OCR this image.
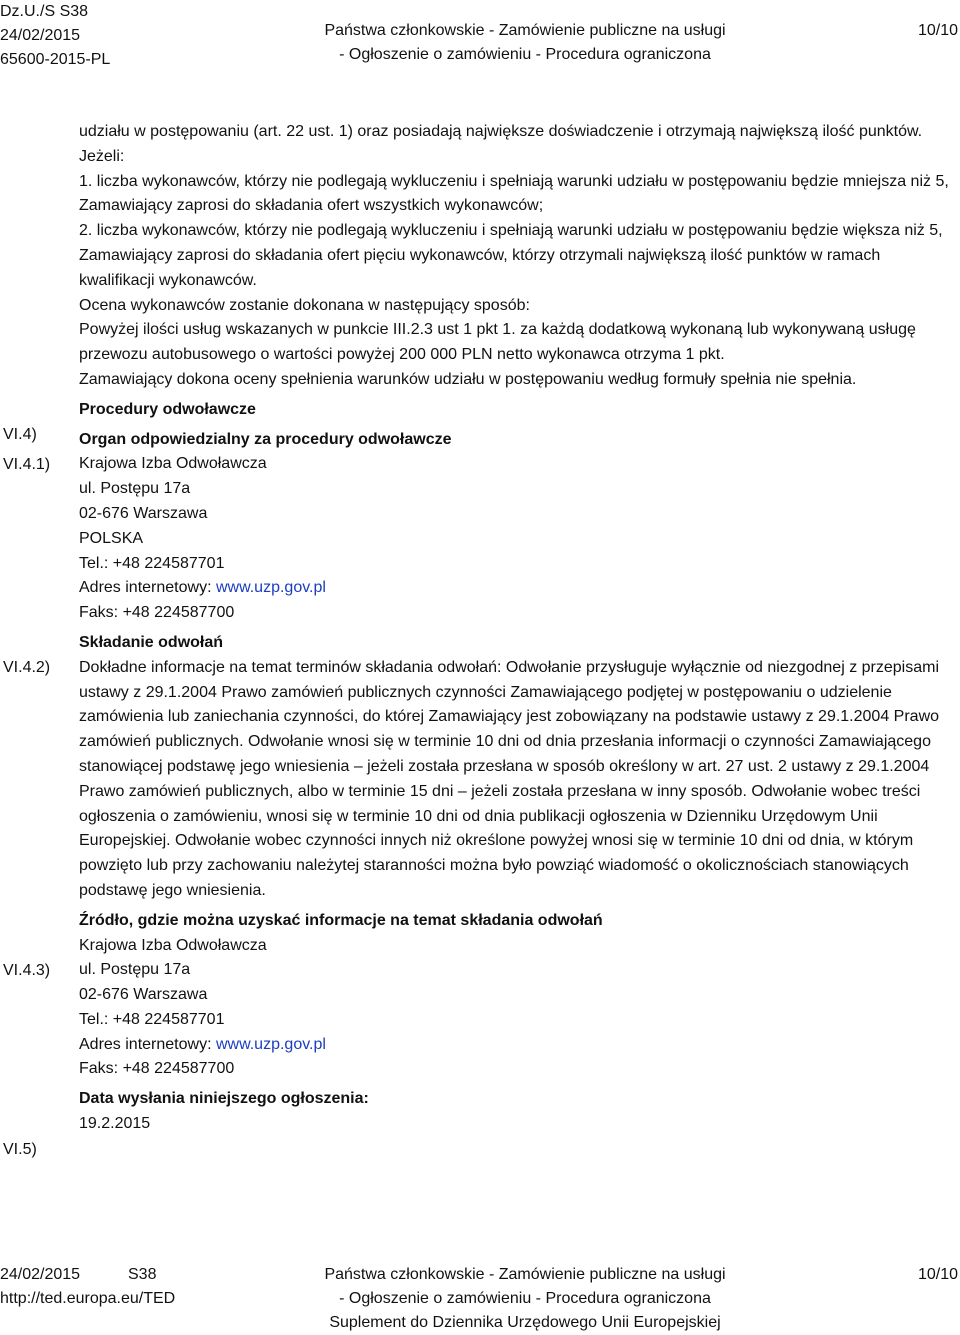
Dz.U./S S38
24/02/2015
65600-2015-PL
Państwa członkowskie - Zamówienie publiczne na usługi
- Ogłoszenie o zamówieniu - Procedura ograniczona
10/10
VI.4)
VI.4.1)
VI.4.2)
VI.4.3)
VI.5)

udziału w postępowaniu (art. 22 ust. 1) oraz posiadają największe doświadczenie i otrzymają największą ilość punktów. Jeżeli:

1. liczba wykonawców, którzy nie podlegają wykluczeniu i spełniają warunki udziału w postępowaniu będzie mniejsza niż 5, Zamawiający zaprosi do składania ofert wszystkich wykonawców;

2. liczba wykonawców, którzy nie podlegają wykluczeniu i spełniają warunki udziału w postępowaniu będzie większa niż 5, Zamawiający zaprosi do składania ofert pięciu wykonawców, którzy otrzymali największą ilość punktów w ramach kwalifikacji wykonawców.

Ocena wykonawców zostanie dokonana w następujący sposób:

Powyżej ilości usług wskazanych w punkcie III.2.3 ust 1 pkt 1. za każdą dodatkową wykonaną lub wykonywaną usługę przewozu autobusowego o wartości powyżej 200 000 PLN netto wykonawca otrzyma 1 pkt.

Zamawiający dokona oceny spełnienia warunków udziału w postępowaniu według formuły spełnia nie spełnia.

Procedury odwoławcze

Organ odpowiedzialny za procedury odwoławcze

Krajowa Izba Odwoławcza

ul. Postępu 17a

02-676 Warszawa

POLSKA

Tel.: +48 224587701

Adres internetowy: www.uzp.gov.pl

Faks: +48 224587700

Składanie odwołań

Dokładne informacje na temat terminów składania odwołań: Odwołanie przysługuje wyłącznie od niezgodnej z przepisami ustawy z 29.1.2004 Prawo zamówień publicznych czynności Zamawiającego podjętej w postępowaniu o udzielenie zamówienia lub zaniechania czynności, do której Zamawiający jest zobowiązany na podstawie ustawy z 29.1.2004 Prawo zamówień publicznych. Odwołanie wnosi się w terminie 10 dni od dnia przesłania informacji o czynności Zamawiającego stanowiącej podstawę jego wniesienia – jeżeli została przesłana w sposób określony w art. 27 ust. 2 ustawy z 29.1.2004 Prawo zamówień publicznych, albo w terminie 15 dni – jeżeli została przesłana w inny sposób. Odwołanie wobec treści ogłoszenia o zamówieniu, wnosi się w terminie 10 dni od dnia publikacji ogłoszenia w Dzienniku Urzędowym Unii Europejskiej. Odwołanie wobec czynności innych niż określone powyżej wnosi się w terminie 10 dni od dnia, w którym powzięto lub przy zachowaniu należytej staranności można było powziąć wiadomość o okolicznościach stanowiących podstawę jego wniesienia.

Źródło, gdzie można uzyskać informacje na temat składania odwołań

Krajowa Izba Odwoławcza

ul. Postępu 17a

02-676 Warszawa

Tel.: +48 224587701

Adres internetowy: www.uzp.gov.pl

Faks: +48 224587700

Data wysłania niniejszego ogłoszenia:

19.2.2015

24/02/2015	S38
http://ted.europa.eu/TED
Państwa członkowskie - Zamówienie publiczne na usługi
- Ogłoszenie o zamówieniu - Procedura ograniczona
Suplement do Dziennika Urzędowego Unii Europejskiej
10/10
